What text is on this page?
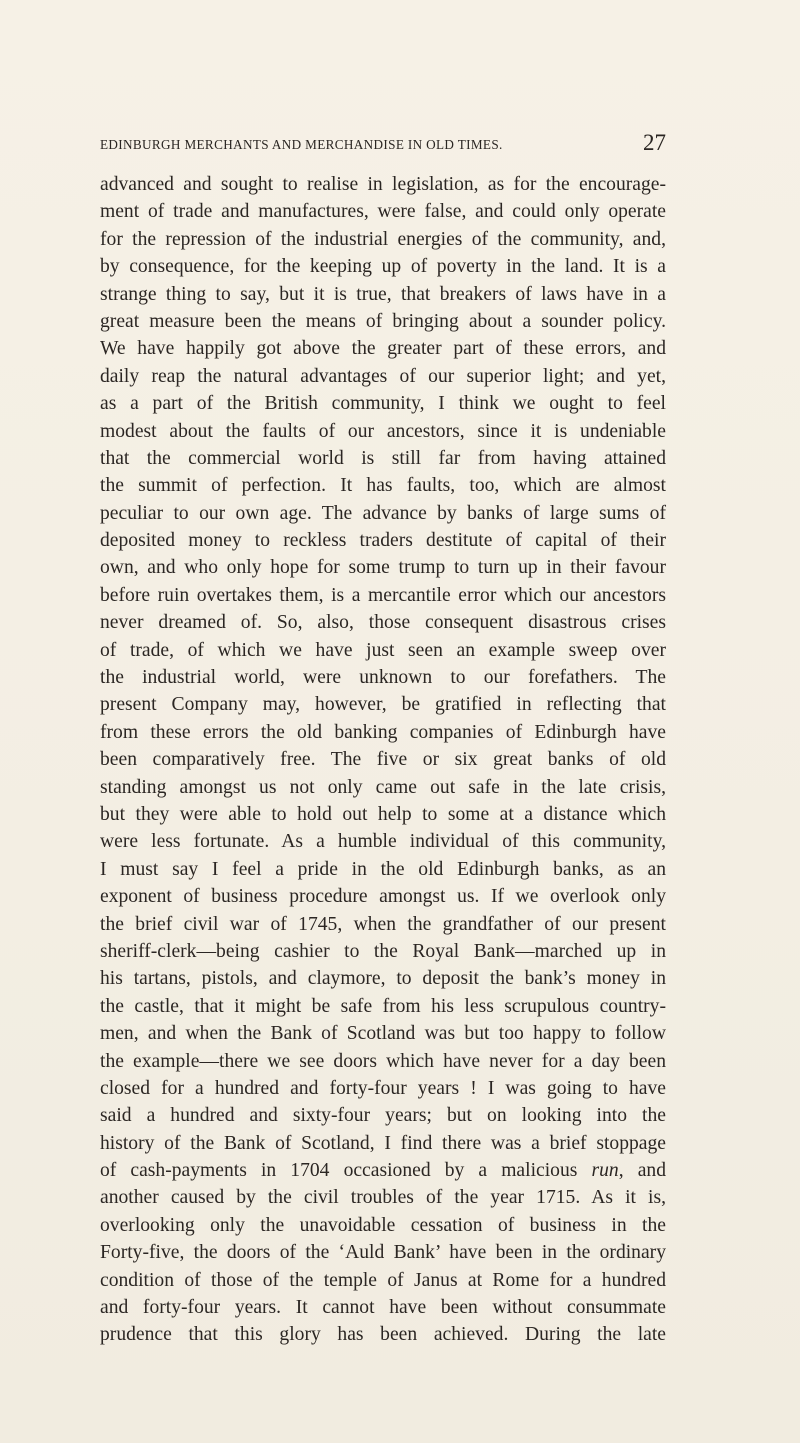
EDINBURGH MERCHANTS AND MERCHANDISE IN OLD TIMES.	27
advanced and sought to realise in legislation, as for the encourage-
ment of trade and manufactures, were false, and could only operate
for the repression of the industrial energies of the community, and,
by consequence, for the keeping up of poverty in the land. It is a
strange thing to say, but it is true, that breakers of laws have in a
great measure been the means of bringing about a sounder policy.
We have happily got above the greater part of these errors, and
daily reap the natural advantages of our superior light; and yet,
as a part of the British community, I think we ought to feel
modest about the faults of our ancestors, since it is undeniable
that the commercial world is still far from having attained
the summit of perfection. It has faults, too, which are almost
peculiar to our own age. The advance by banks of large sums of
deposited money to reckless traders destitute of capital of their
own, and who only hope for some trump to turn up in their favour
before ruin overtakes them, is a mercantile error which our ancestors
never dreamed of. So, also, those consequent disastrous crises
of trade, of which we have just seen an example sweep over
the industrial world, were unknown to our forefathers. The
present Company may, however, be gratified in reflecting that
from these errors the old banking companies of Edinburgh have
been comparatively free. The five or six great banks of old
standing amongst us not only came out safe in the late crisis,
but they were able to hold out help to some at a distance which
were less fortunate. As a humble individual of this community,
I must say I feel a pride in the old Edinburgh banks, as an
exponent of business procedure amongst us. If we overlook only
the brief civil war of 1745, when the grandfather of our present
sheriff-clerk—being cashier to the Royal Bank—marched up in
his tartans, pistols, and claymore, to deposit the bank’s money in
the castle, that it might be safe from his less scrupulous country-
men, and when the Bank of Scotland was but too happy to follow
the example—there we see doors which have never for a day been
closed for a hundred and forty-four years ! I was going to have
said a hundred and sixty-four years; but on looking into the
history of the Bank of Scotland, I find there was a brief stoppage
of cash-payments in 1704 occasioned by a malicious run, and
another caused by the civil troubles of the year 1715. As it is,
overlooking only the unavoidable cessation of business in the
Forty-five, the doors of the ‘Auld Bank’ have been in the ordinary
condition of those of the temple of Janus at Rome for a hundred
and forty-four years. It cannot have been without consummate
prudence that this glory has been achieved. During the late
